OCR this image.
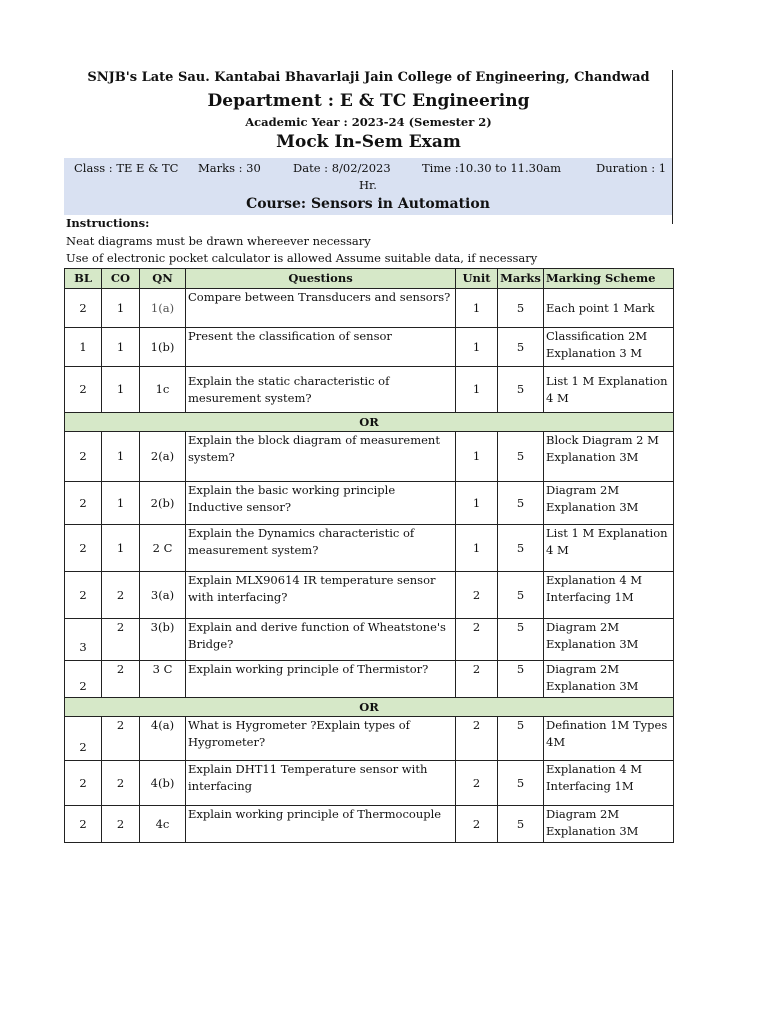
SNJB's Late Sau. Kantabai Bhavarlaji Jain College of Engineering, Chandwad
Department : E & TC Engineering
Academic Year : 2023-24 (Semester 2)
Mock In-Sem Exam
Class : TE E & TC Marks : 30	Date : 8/02/2023	Time :10.30 to 11.30am	Duration : 1
Hr.
Course: Sensors in Automation
Instructions:
Neat diagrams must be drawn whereever necessary
Use of electronic pocket calculator is allowed Assume suitable data, if necessary
BL	CO	QN	Questions	Unit	Marks	Marking Scheme
2	1	1(a)	Compare between Transducers and sensors?	1	5	Each point 1 Mark
1	1	1(b)	Present the classification of sensor	1	5	Classification 2M Explanation 3 M
2	1	1c	Explain the static characteristic of mesurement system?	1	5	List 1 M Explanation 4 M
OR						
2	1	2(a)	Explain the block diagram of measurement system?	1	5	Block Diagram 2 M Explanation 3M
2	1	2(b)	Explain the basic working principle Inductive sensor?	1	5	Diagram 2M Explanation 3M
2	1	2 C	Explain the Dynamics characteristic of measurement system?	1	5	List 1 M Explanation 4 M
2	2	3(a)	Explain MLX90614 IR temperature sensor with interfacing?	2	5	Explanation 4 M Interfacing 1M
3	2	3(b)	Explain and derive function of Wheatstone's Bridge?	2	5	Diagram 2M Explanation 3M
2	2	3 C	Explain working principle of Thermistor?	2	5	Diagram 2M Explanation 3M
OR						
2	2	4(a)	What is Hygrometer ?Explain types of Hygrometer?	2	5	Defination 1M Types 4M
2	2	4(b)	Explain DHT11 Temperature sensor with interfacing	2	5	Explanation 4 M Interfacing 1M
2	2	4c	Explain working principle of Thermocouple	2	5	Diagram 2M Explanation 3M
